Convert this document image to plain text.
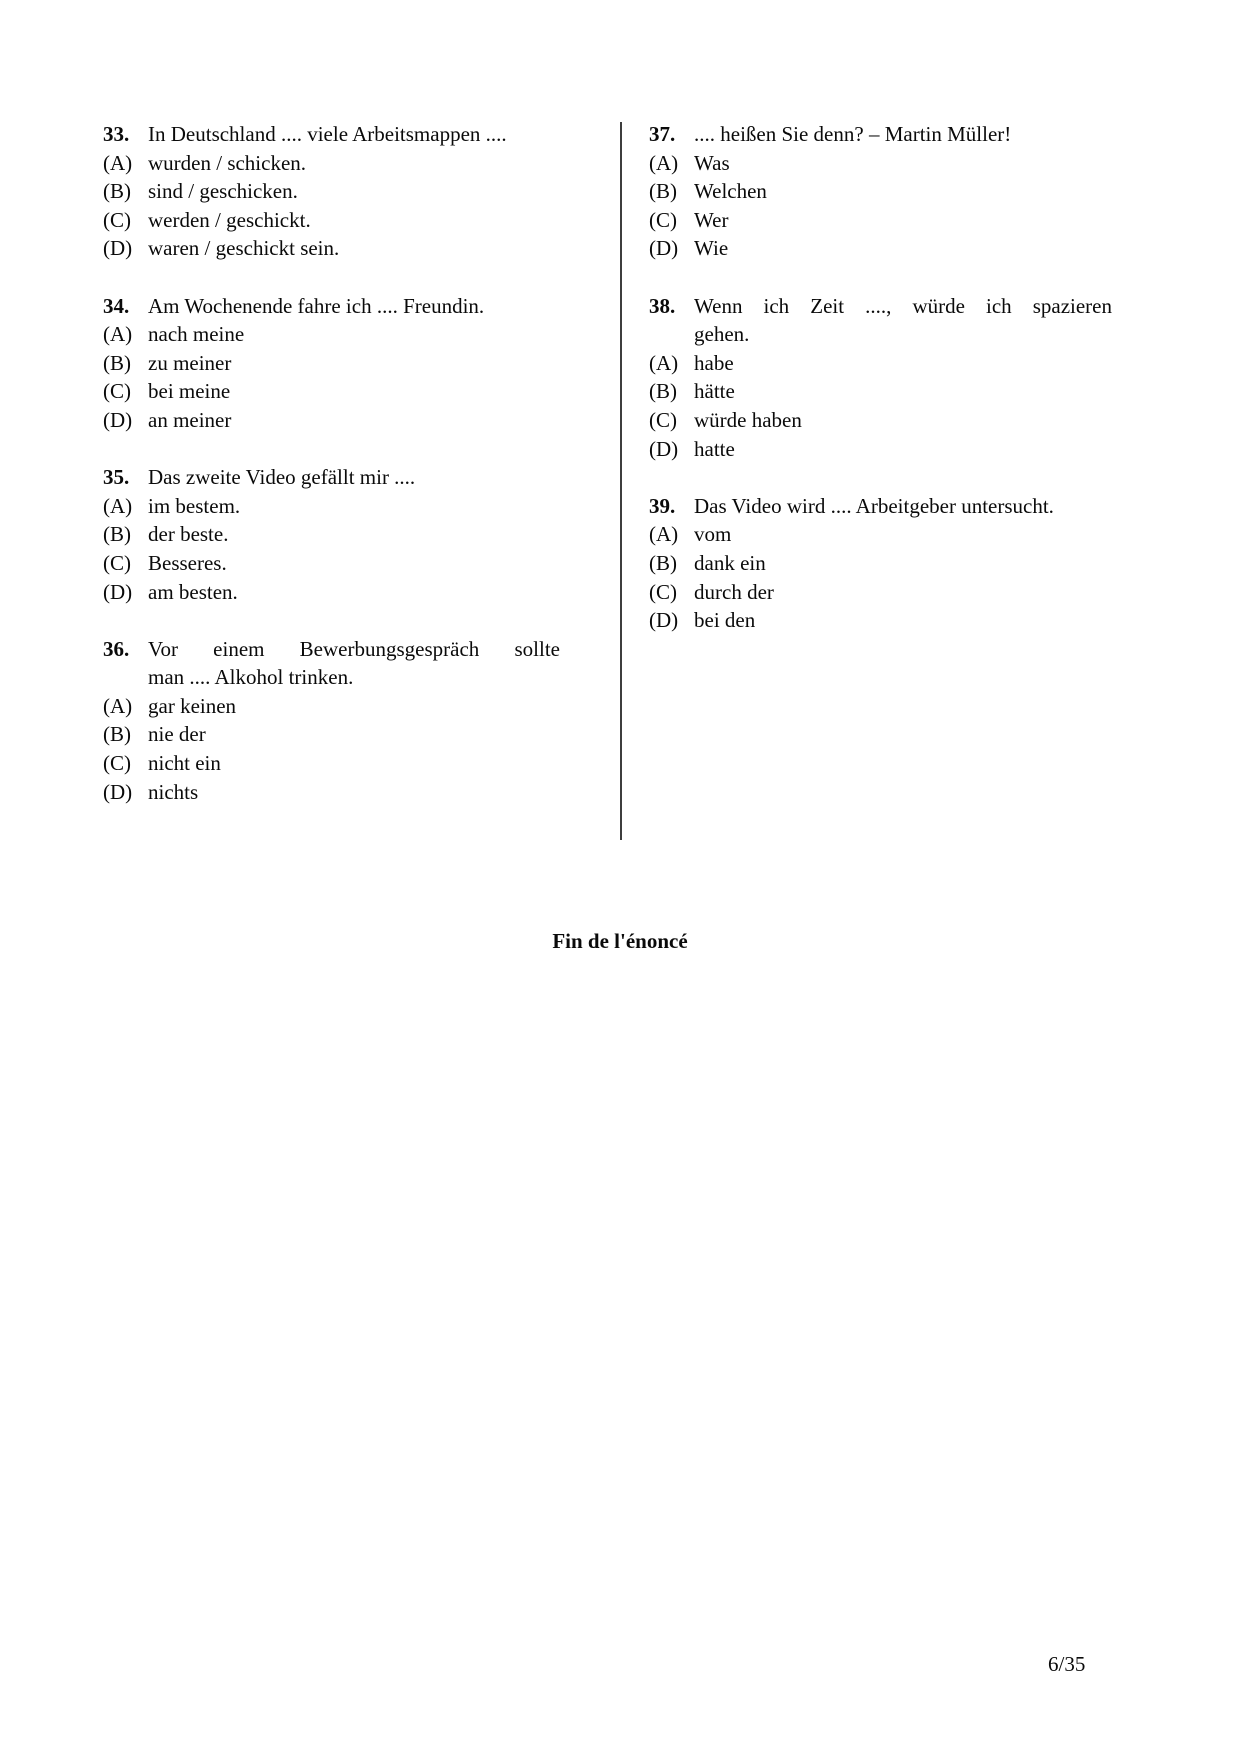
33. In Deutschland .... viele Arbeitsmappen ....
(A) wurden / schicken.
(B) sind / geschicken.
(C) werden / geschickt.
(D) waren / geschickt sein.
34. Am Wochenende fahre ich .... Freundin.
(A) nach meine
(B) zu meiner
(C) bei meine
(D) an meiner
35. Das zweite Video gefällt mir ....
(A) im bestem.
(B) der beste.
(C) Besseres.
(D) am besten.
36. Vor einem Bewerbungsgespräch sollte
man .... Alkohol trinken.
(A) gar keinen
(B) nie der
(C) nicht ein
(D) nichts
37. .... heißen Sie denn? – Martin Müller!
(A) Was
(B) Welchen
(C) Wer
(D) Wie
38. Wenn ich Zeit ...., würde ich spazieren
gehen.
(A) habe
(B) hätte
(C) würde haben
(D) hatte
39. Das Video wird .... Arbeitgeber untersucht.
(A) vom
(B) dank ein
(C) durch der
(D) bei den
Fin de l'énoncé
6/35
